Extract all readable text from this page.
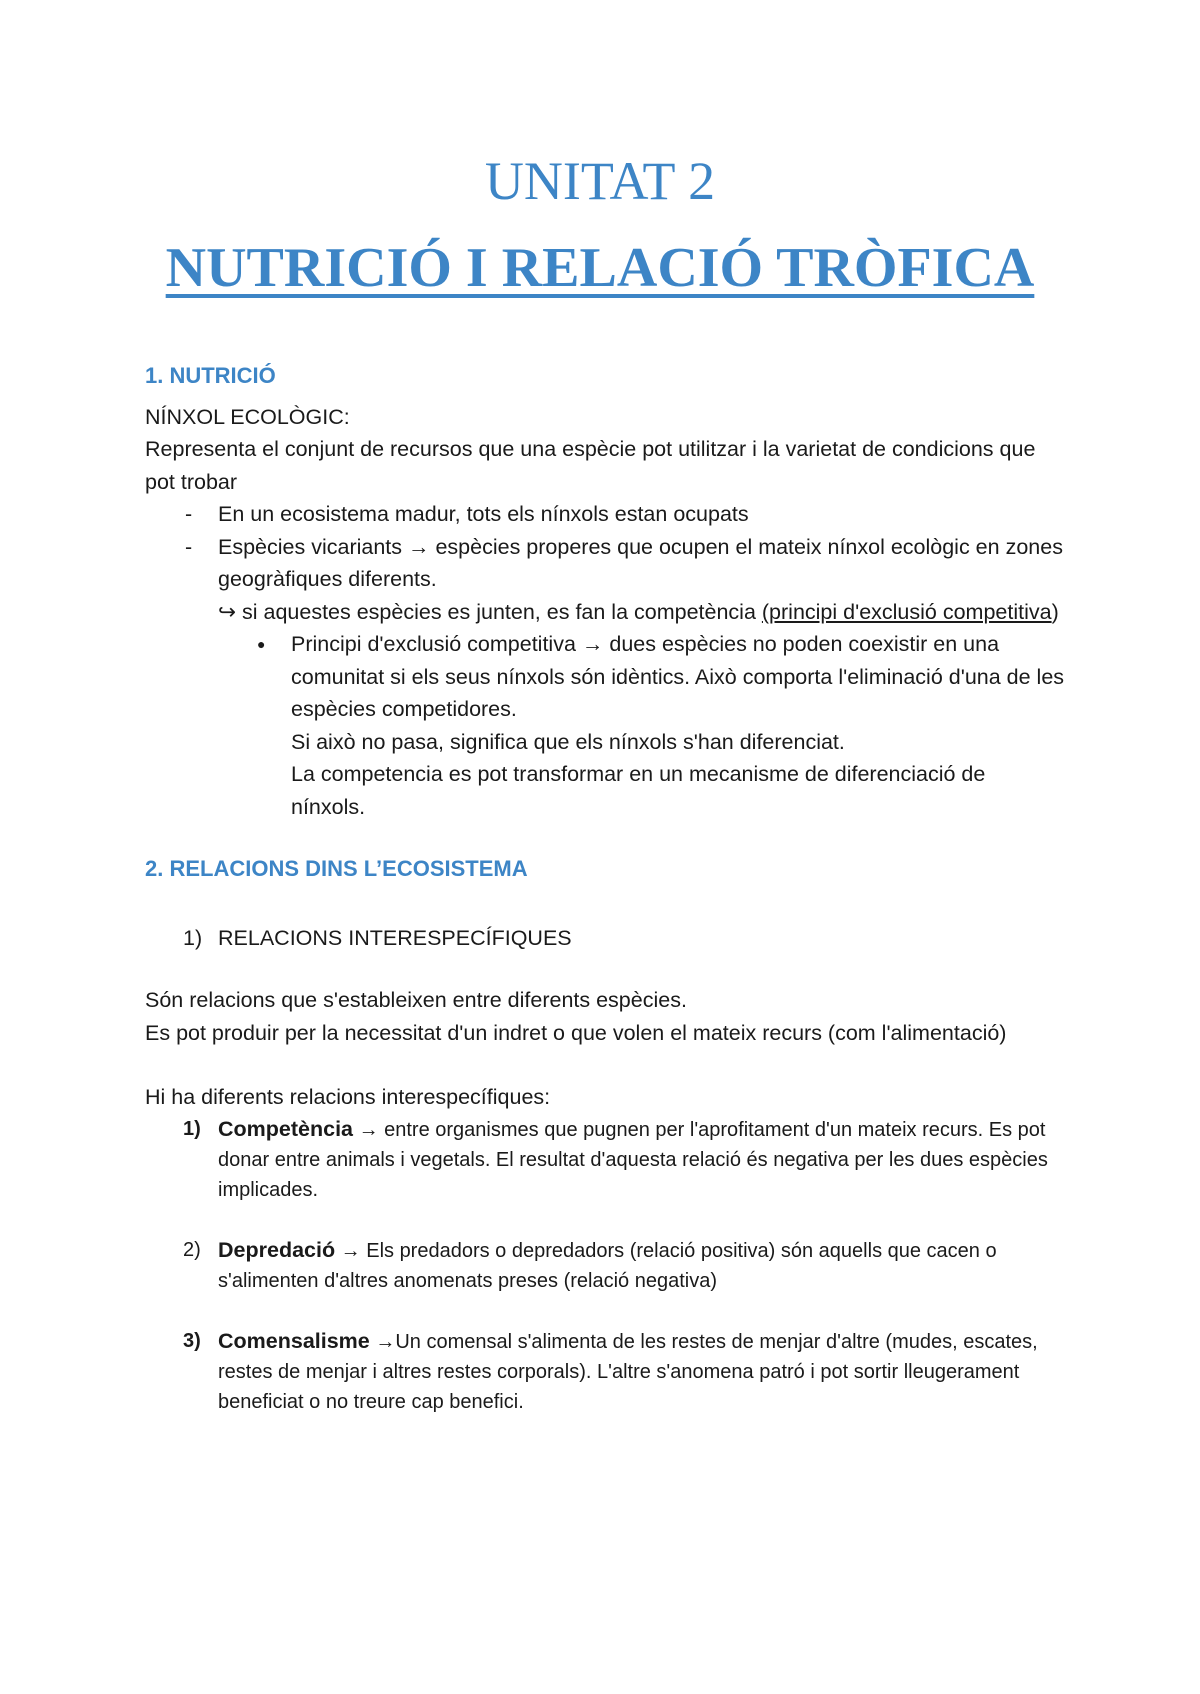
UNITAT 2
NUTRICIÓ I RELACIÓ TRÒFICA
1. NUTRICIÓ

NÍNXOL ECOLÒGIC:

Representa el conjunt de recursos que una espècie pot utilitzar i la varietat de condicions que pot trobar

- En un ecosistema madur, tots els nínxols estan ocupats
- Espècies vicariants → espècies properes que ocupen el mateix nínxol ecològic en zones geogràfiques diferents.
↪ si aquestes espècies es junten, es fan la competència (principi d'exclusió competitiva)
● Principi d'exclusió competitiva → dues espècies no poden coexistir en una comunitat si els seus nínxols són idèntics. Això comporta l'eliminació d'una de les espècies competidores.
Si això no pasa, significa que els nínxols s'han diferenciat.
La competencia es pot transformar en un mecanisme de diferenciació de nínxols.
2. RELACIONS DINS L’ECOSISTEMA
1) RELACIONS INTERESPECÍFIQUES

Són relacions que s'estableixen entre diferents espècies.

Es pot produir per la necessitat d'un indret o que volen el mateix recurs (com l'alimentació)

Hi ha diferents relacions interespecífiques:

1) Competència → entre organismes que pugnen per l'aprofitament d'un mateix recurs. Es pot donar entre animals i vegetals. El resultat d'aquesta relació és negativa per les dues espècies implicades.
2) Depredació → Els predadors o depredadors (relació positiva) són aquells que cacen o s'alimenten d'altres anomenats preses (relació negativa)
3) Comensalisme →Un comensal s'alimenta de les restes de menjar d'altre (mudes, escates, restes de menjar i altres restes corporals). L'altre s'anomena patró i pot sortir lleugerament beneficiat o no treure cap benefici.
